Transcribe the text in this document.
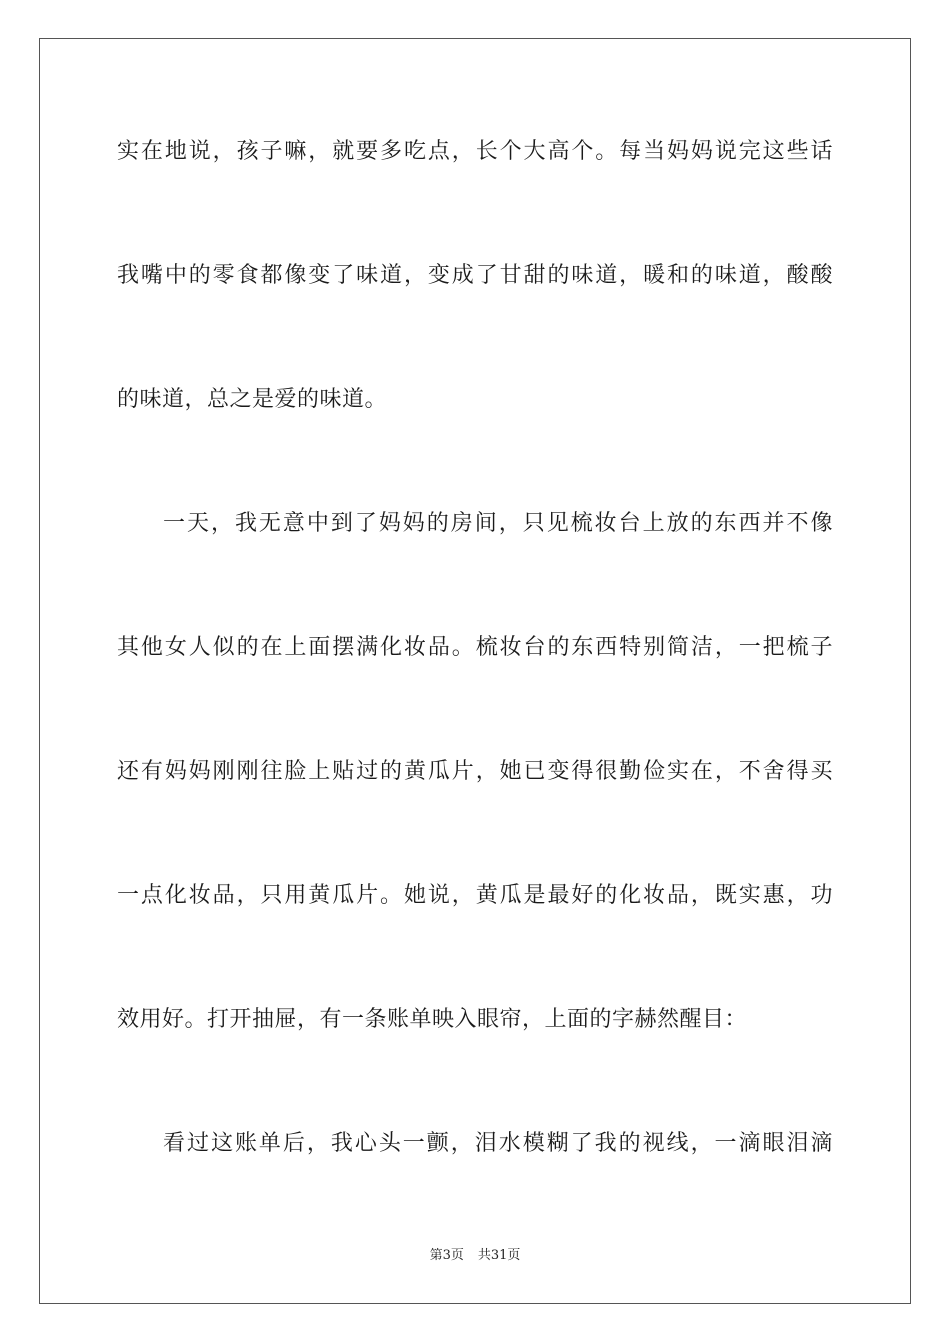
实在地说，孩子嘛，就要多吃点，长个大高个。每当妈妈说完这些话
我嘴中的零食都像变了味道，变成了甘甜的味道，暖和的味道，酸酸
的味道，总之是爱的味道。
一天，我无意中到了妈妈的房间，只见梳妆台上放的东西并不像
其他女人似的在上面摆满化妆品。梳妆台的东西特别简洁，一把梳子
还有妈妈刚刚往脸上贴过的黄瓜片，她已变得很勤俭实在，不舍得买
一点化妆品，只用黄瓜片。她说，黄瓜是最好的化妆品，既实惠，功
效用好。打开抽屉，有一条账单映入眼帘，上面的字赫然醒目：
看过这账单后，我心头一颤，泪水模糊了我的视线，一滴眼泪滴
第3页 共31页
